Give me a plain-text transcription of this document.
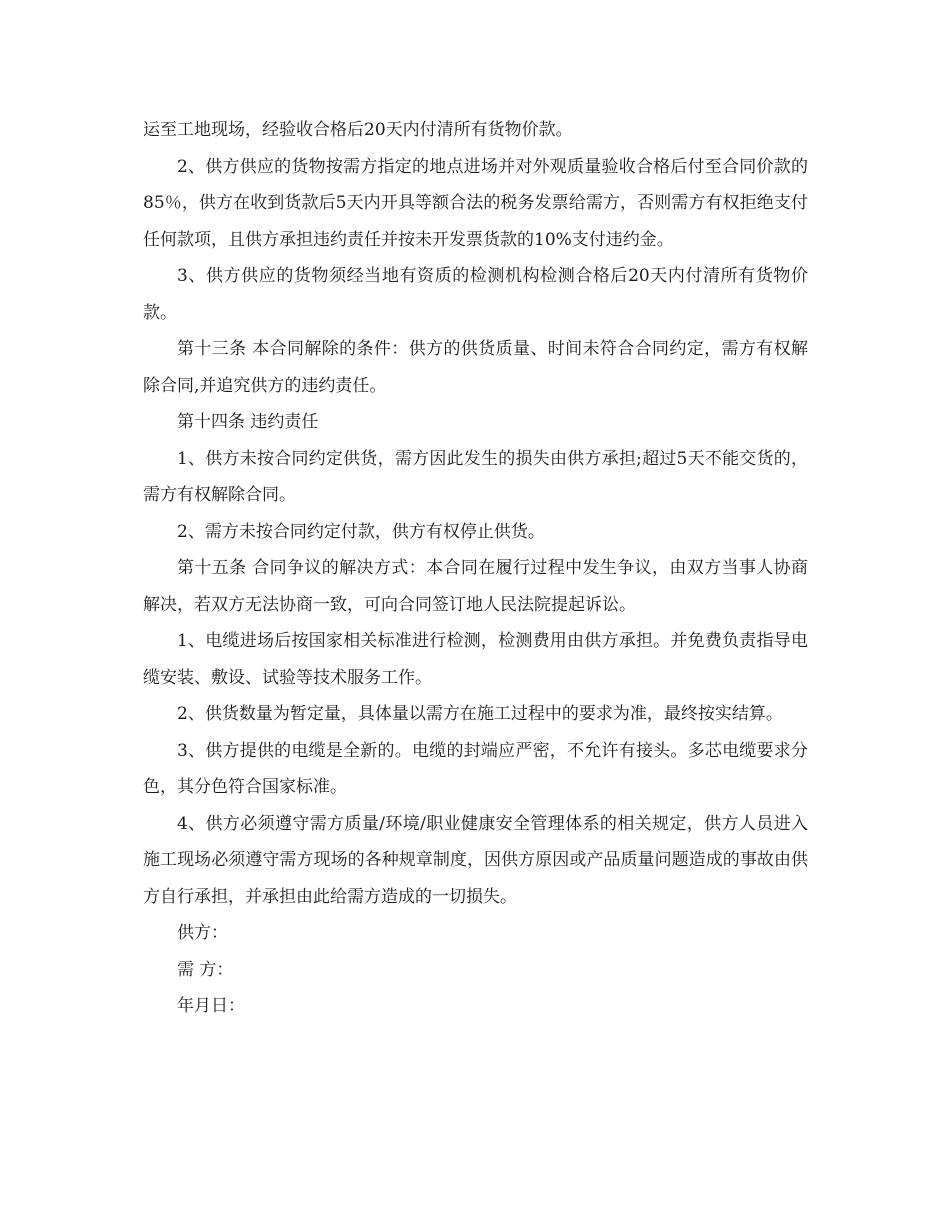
运至工地现场，经验收合格后20天内付清所有货物价款。

2、供方供应的货物按需方指定的地点进场并对外观质量验收合格后付至合同价款的85％，供方在收到货款后5天内开具等额合法的税务发票给需方，否则需方有权拒绝支付任何款项，且供方承担违约责任并按未开发票货款的10%支付违约金。

3、供方供应的货物须经当地有资质的检测机构检测合格后20天内付清所有货物价款。

第十三条 本合同解除的条件：供方的供货质量、时间未符合合同约定，需方有权解除合同,并追究供方的违约责任。

第十四条 违约责任

1、供方未按合同约定供货，需方因此发生的损失由供方承担;超过5天不能交货的，需方有权解除合同。

2、需方未按合同约定付款，供方有权停止供货。

第十五条 合同争议的解决方式：本合同在履行过程中发生争议，由双方当事人协商解决，若双方无法协商一致，可向合同签订地人民法院提起诉讼。

1、电缆进场后按国家相关标准进行检测，检测费用由供方承担。并免费负责指导电缆安装、敷设、试验等技术服务工作。

2、供货数量为暂定量，具体量以需方在施工过程中的要求为准，最终按实结算。

3、供方提供的电缆是全新的。电缆的封端应严密，不允许有接头。多芯电缆要求分色，其分色符合国家标准。

4、供方必须遵守需方质量/环境/职业健康安全管理体系的相关规定，供方人员进入施工现场必须遵守需方现场的各种规章制度，因供方原因或产品质量问题造成的事故由供方自行承担，并承担由此给需方造成的一切损失。

供方：

需 方：

年月日：
